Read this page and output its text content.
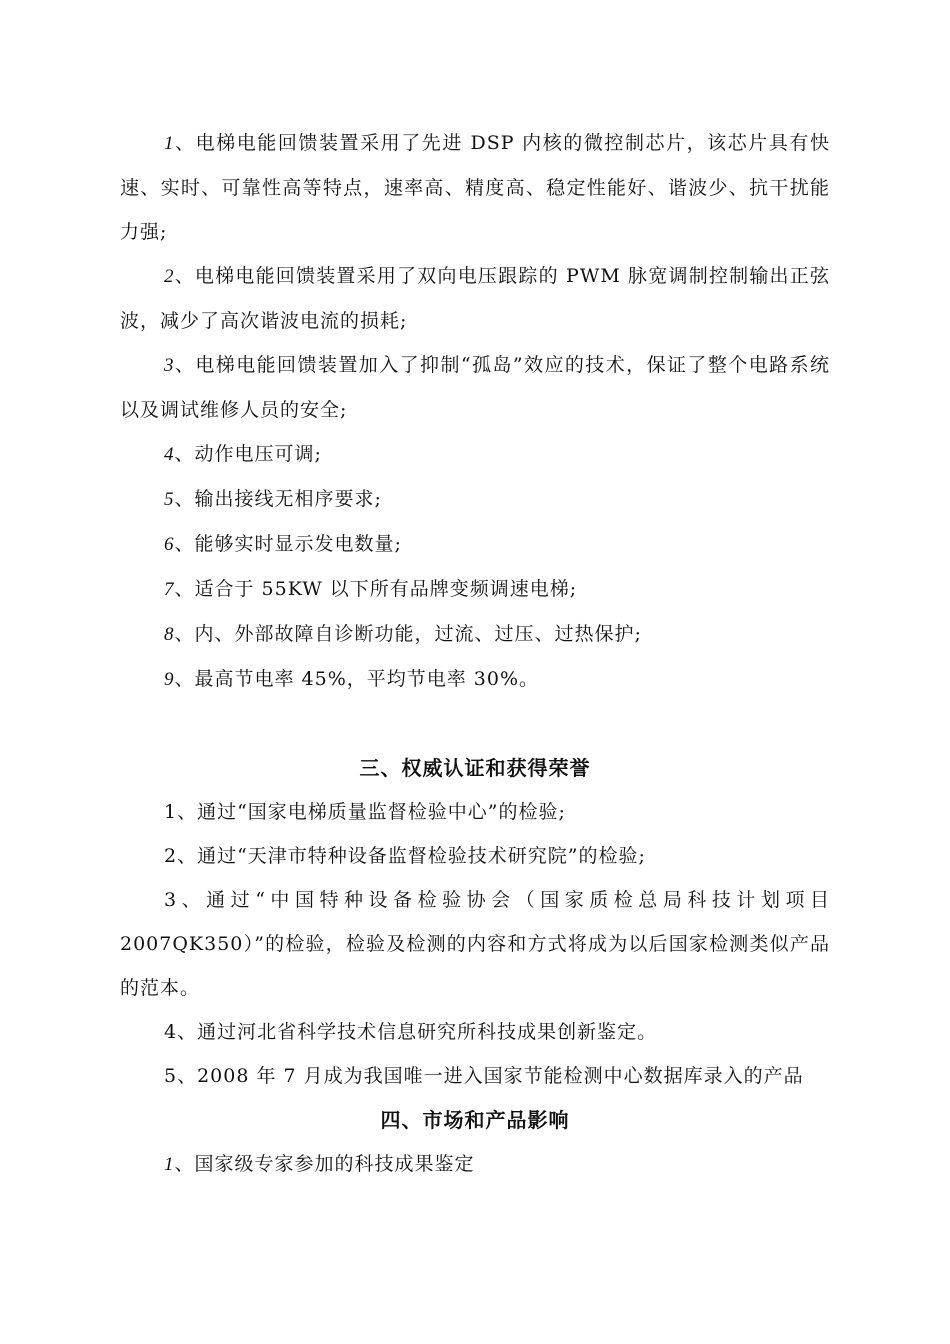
1、电梯电能回馈装置采用了先进 DSP 内核的微控制芯片，该芯片具有快速、实时、可靠性高等特点，速率高、精度高、稳定性能好、谐波少、抗干扰能力强;

2、电梯电能回馈装置采用了双向电压跟踪的 PWM 脉宽调制控制输出正弦波，减少了高次谐波电流的损耗;

3、电梯电能回馈装置加入了抑制“孤岛”效应的技术，保证了整个电路系统以及调试维修人员的安全;

4、动作电压可调;

5、输出接线无相序要求;

6、能够实时显示发电数量;

7、适合于 55KW 以下所有品牌变频调速电梯;

8、内、外部故障自诊断功能，过流、过压、过热保护;

9、最高节电率 45%，平均节电率 30%。

三、权威认证和获得荣誉

1、通过“国家电梯质量监督检验中心”的检验;

2、通过“天津市特种设备监督检验技术研究院”的检验;

3、通过“中国特种设备检验协会（国家质检总局科技计划项目2007QK350）”的检验，检验及检测的内容和方式将成为以后国家检测类似产品的范本。

4、通过河北省科学技术信息研究所科技成果创新鉴定。

5、2008 年 7 月成为我国唯一进入国家节能检测中心数据库录入的产品

四、市场和产品影响

1、国家级专家参加的科技成果鉴定
